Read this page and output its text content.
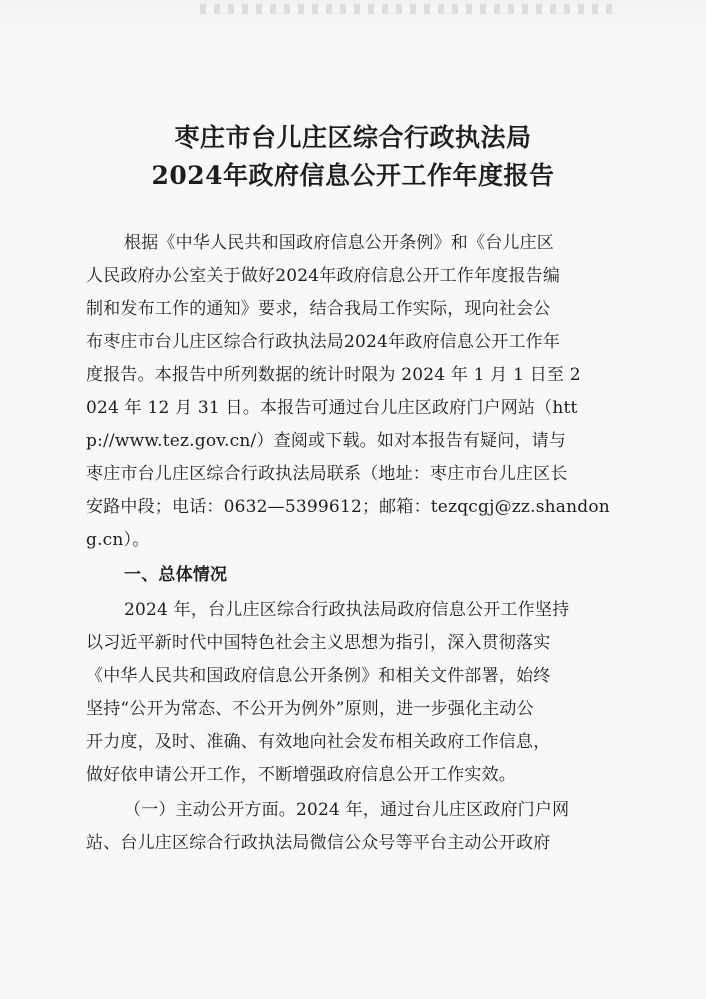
枣庄市台儿庄区综合行政执法局
2024年政府信息公开工作年度报告
根据《中华人民共和国政府信息公开条例》和《台儿庄区
人民政府办公室关于做好2024年政府信息公开工作年度报告编
制和发布工作的通知》要求，结合我局工作实际，现向社会公
布枣庄市台儿庄区综合行政执法局2024年政府信息公开工作年
度报告。本报告中所列数据的统计时限为 2024 年 1 月 1 日至 2
024 年 12 月 31 日。本报告可通过台儿庄区政府门户网站（htt
p://www.tez.gov.cn/）查阅或下载。如对本报告有疑问，请与
枣庄市台儿庄区综合行政执法局联系（地址：枣庄市台儿庄区长
安路中段；电话：0632—5399612；邮箱：tezqcgj@zz.shandon
g.cn）。
一、总体情况
2024 年，台儿庄区综合行政执法局政府信息公开工作坚持
以习近平新时代中国特色社会主义思想为指引，深入贯彻落实
《中华人民共和国政府信息公开条例》和相关文件部署，始终
坚持“公开为常态、不公开为例外”原则，进一步强化主动公
开力度，及时、准确、有效地向社会发布相关政府工作信息，
做好依申请公开工作，不断增强政府信息公开工作实效。
（一）主动公开方面。2024 年，通过台儿庄区政府门户网
站、台儿庄区综合行政执法局微信公众号等平台主动公开政府
